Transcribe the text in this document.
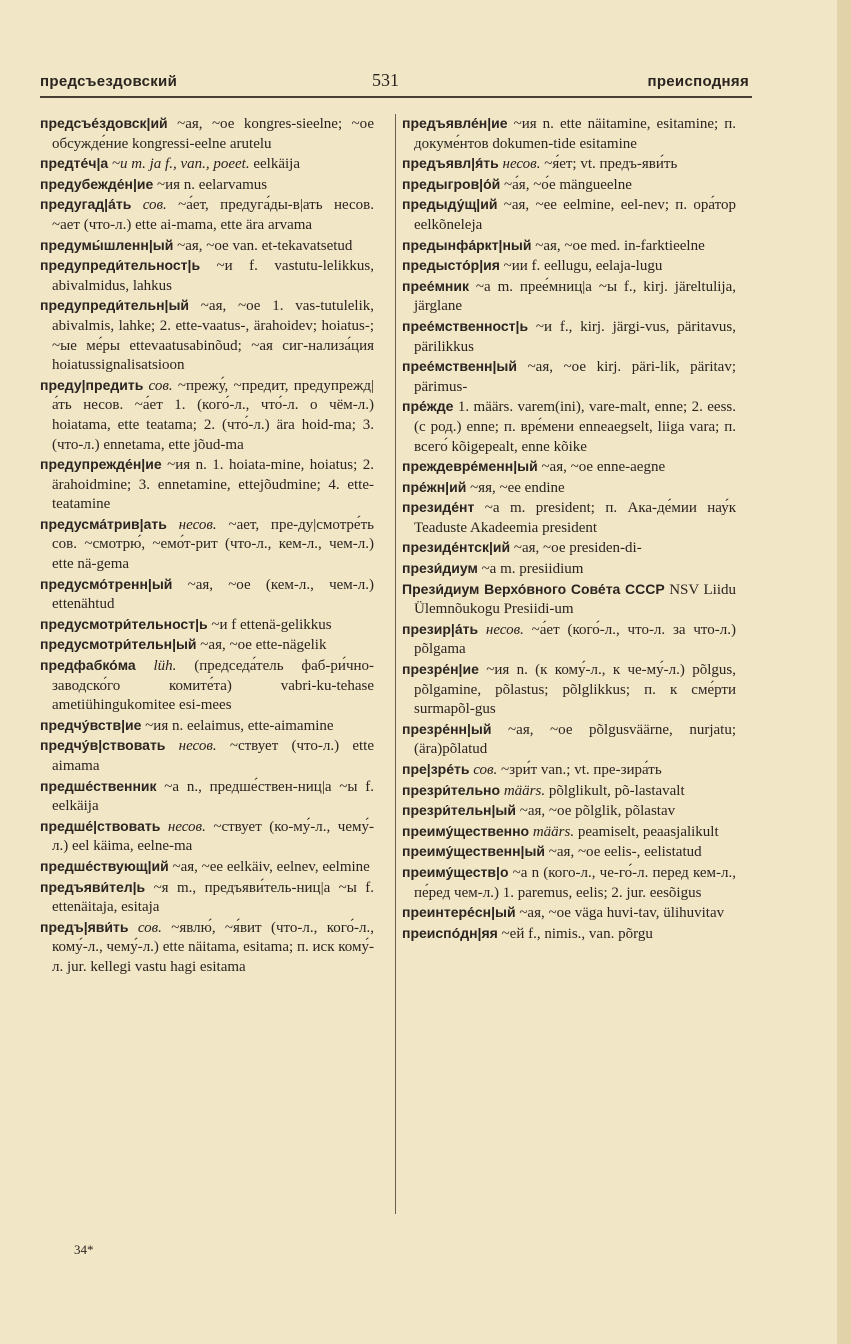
предсъездовский	531	преисподняя

предсъе́здовск|ий ~ая, ~ое kongres-sieelne; ~ое обсужде́ние kongressi-eelne arutelu

предте́ч|а ~и m. ja f., van., poeet. eelkäija

предубежде́н|ие ~ия n. eelarvamus

предугад|а́ть сов. ~а́ет, предуга́ды-в|ать несов. ~ает (что-л.) ette ai-mama, ette ära arvama

предумы́шленн|ый ~ая, ~ое van. et-tekavatsetud

предупреди́тельност|ь ~и f. vastutu-lelikkus, abivalmidus, lahkus

предупреди́тельн|ый ~ая, ~ое 1. vas-tutulelik, abivalmis, lahke; 2. ette-vaatus-, ärahoidev; hoiatus-; ~ые ме́ры ettevaatusabinõud; ~ая сиг-нализа́ция hoiatussignalisatsioon

преду|предить сов. ~прежу́, ~предит, предупрежд|а́ть несов. ~а́ет 1. (кого́-л., что́-л. о чём-л.) hoiatama, ette teatama; 2. (что́-л.) ära hoid-ma; 3. (что-л.) ennetama, ette jõud-ma

предупрежде́н|ие ~ия n. 1. hoiata-mine, hoiatus; 2. ärahoidmine; 3. ennetamine, ettejõudmine; 4. ette-teatamine

предусма́трив|ать несов. ~ает, пре-ду|смотре́ть сов. ~смотрю́, ~емо́т-рит (что-л., кем-л., чем-л.) ette nä-gema

предусмо́тренн|ый ~ая, ~ое (кем-л., чем-л.) ettenähtud

предусмотри́тельност|ь ~и f ettenä-gelikkus

предусмотри́тельн|ый ~ая, ~ое ette-nägelik

предфабко́ма lüh. (председа́тель фаб-ри́чно-заводско́го комите́та) vabri-ku-tehase ametiühingukomitee esi-mees

предчу́вств|ие ~ия n. eelaimus, ette-aimamine

предчу́в|ствовать несов. ~ствует (что-л.) ette aimama

предше́ственник ~а n., предше́ствен-ниц|а ~ы f. eelkäija

предше́|ствовать несов. ~ствует (ко-му́-л., чему́-л.) eel käima, eelne-ma

предше́ствующ|ий ~ая, ~ее eelkäiv, eelnev, eelmine

предъяви́тел|ь ~я m., предъяви́тель-ниц|а ~ы f. ettenäitaja, esitaja

предъ|яви́ть сов. ~явлю́, ~я́вит (что-л., кого́-л., кому́-л., чему́-л.) ette näitama, esitama; п. иск кому́-л. jur. kellegi vastu hagi esitama

предъявле́н|ие ~ия n. ette näitamine, esitamine; п. докуме́нтов dokumen-tide esitamine

предъявл|я́ть несов. ~я́ет; vt. предъ-яви́ть

предыгров|о́й ~а́я, ~о́е mängueelne

предыду́щ|ий ~ая, ~ее eelmine, eel-nev; п. ора́тор eelkõneleja

предынфа́ркт|ный ~ая, ~ое med. in-farktieelne

предысто́р|ия ~ии f. eellugu, eelaja-lugu

прее́мник ~а m. прее́мниц|а ~ы f., kirj. järeltulija, järglane

прее́мственност|ь ~и f., kirj. järgi-vus, päritavus, pärilikkus

прее́мственн|ый ~ая, ~ое kirj. päri-lik, päritav; pärimus-

пре́жде 1. määrs. varem(ini), vare-malt, enne; 2. eess. (с род.) enne; п. вре́мени enneaegselt, liiga vara; п. всего́ kõigepealt, enne kõike

преждевре́менн|ый ~ая, ~ое enne-aegne

пре́жн|ий ~яя, ~ее endine

президе́нт ~а m. president; п. Ака-де́мии нау́к Teaduste Akadeemia president

президе́нтск|ий ~ая, ~ое presiden-di-

прези́диум ~а m. presiidium

Прези́диум Верхо́вного Сове́та СССР NSV Liidu Ülemnõukogu Presiidi-um

презир|а́ть несов. ~а́ет (кого́-л., что-л. за что-л.) põlgama

презре́н|ие ~ия n. (к кому́-л., к че-му́-л.) põlgus, põlgamine, põlastus; põlglikkus; п. к сме́рти surmapõl-gus

презре́нн|ый ~ая, ~ое põlgusväärne, nurjatu; (ära)põlatud

пре|зре́ть сов. ~зри́т van.; vt. пре-зира́ть

презри́тельно määrs. põlglikult, põ-lastavalt

презри́тельн|ый ~ая, ~ое põlglik, põlastav

преиму́щественно määrs. peamiselt, peaasjalikult

преиму́щественн|ый ~ая, ~ое eelis-, eelistatud

преиму́ществ|о ~а n (кого-л., че-го́-л. перед кем-л., пе́ред чем-л.) 1. paremus, eelis; 2. jur. eesõigus

преинтере́сн|ый ~ая, ~ое väga huvi-tav, ülihuvitav

преиспо́дн|яя ~ей f., nimis., van. põrgu

34*
